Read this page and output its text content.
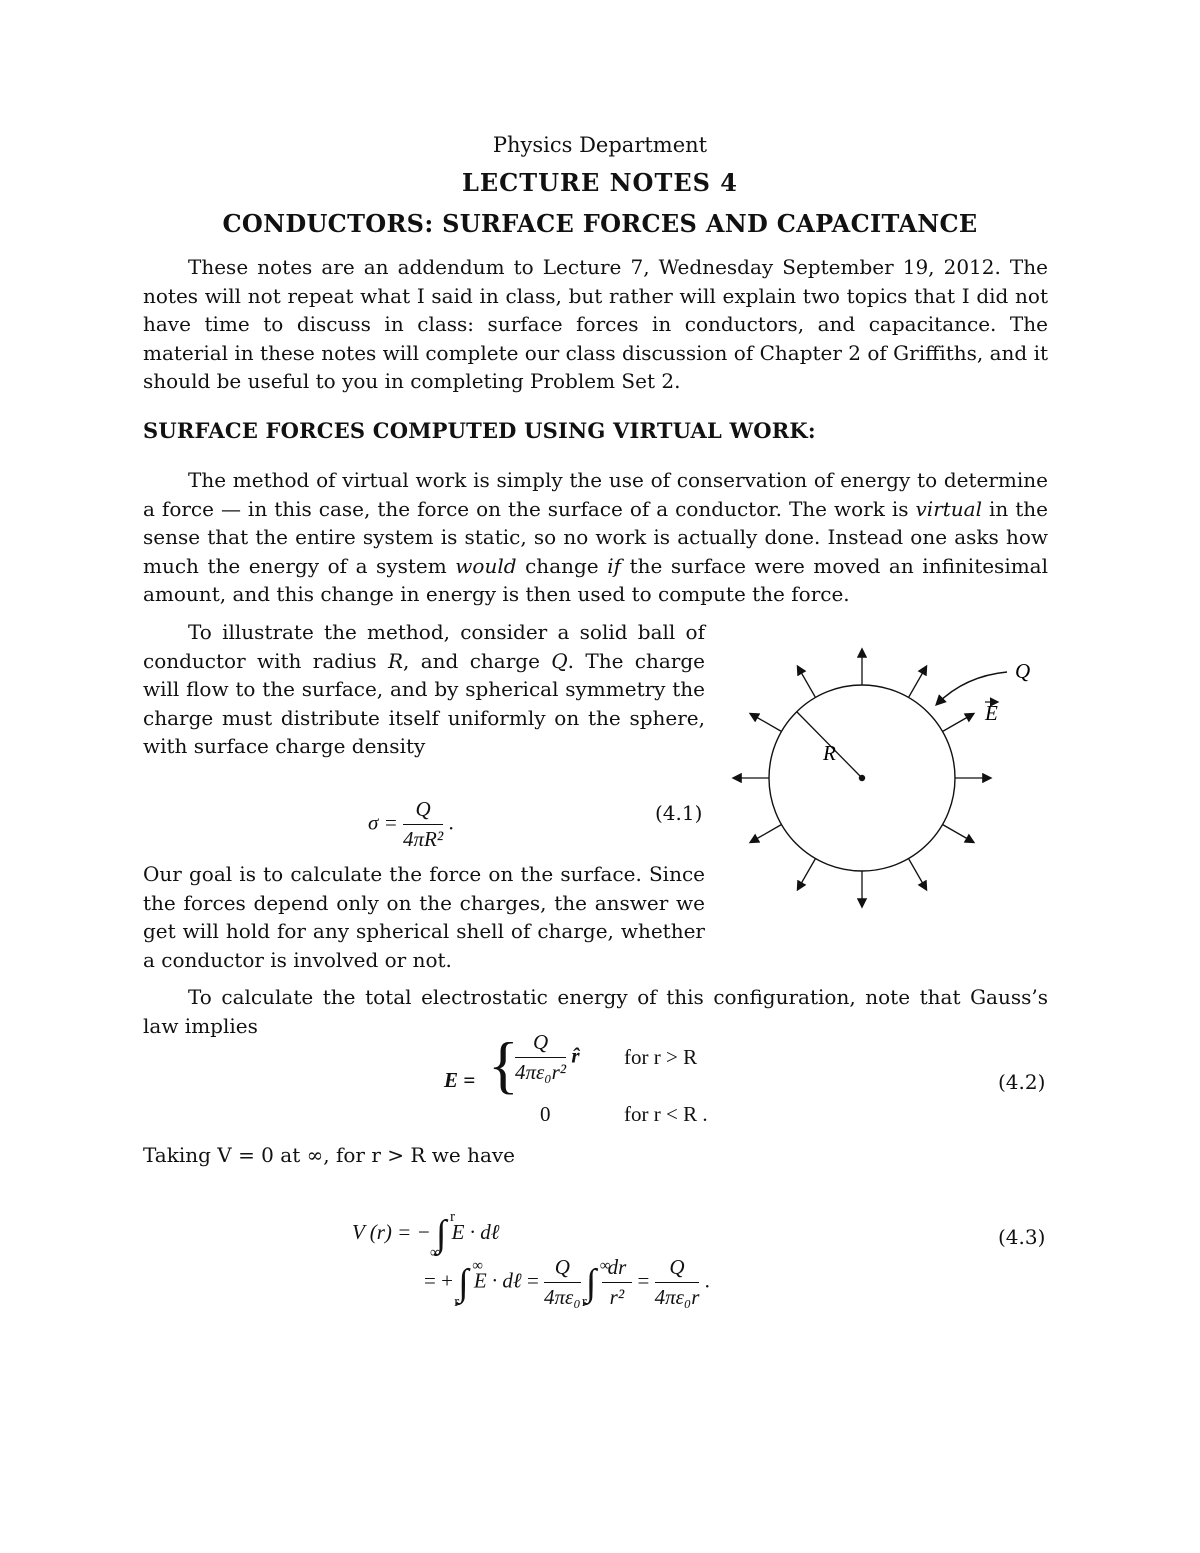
Physics Department
LECTURE NOTES 4
CONDUCTORS: SURFACE FORCES AND CAPACITANCE
These notes are an addendum to Lecture 7, Wednesday September 19, 2012. The notes will not repeat what I said in class, but rather will explain two topics that I did not have time to discuss in class: surface forces in conductors, and capacitance. The material in these notes will complete our class discussion of Chapter 2 of Griffiths, and it should be useful to you in completing Problem Set 2.
SURFACE FORCES COMPUTED USING VIRTUAL WORK:
The method of virtual work is simply the use of conservation of energy to determine a force — in this case, the force on the surface of a conductor. The work is virtual in the sense that the entire system is static, so no work is actually done. Instead one asks how much the energy of a system would change if the surface were moved an infinitesimal amount, and this change in energy is then used to compute the force.
To illustrate the method, consider a solid ball of conductor with radius R, and charge Q. The charge will flow to the surface, and by spherical symmetry the charge must distribute itself uniformly on the sphere, with surface charge density
$\sigma = \frac{Q}{\text{4πR²}}$ .	(4.1)
Q
E
R
Our goal is to calculate the force on the surface. Since the forces depend only on the charges, the answer we get will hold for any spherical shell of charge, whether a conductor is involved or not.
To calculate the total electrostatic energy of this configuration, note that Gauss’s law implies
E = {
$\frac{Q}{\text{4πε₀r²}}$ r̂ for r > R
0	for r < R .
(4.2)
Taking V = 0 at ∞, for r > R we have
V (r) = − ∫ r
∞
E · dℓ
= + ∫ ∞
r
E · dℓ = $\frac{Q}{\text{4πε₀}}$ ∫ ∞
r
$\frac{dr}{\text{r²}} = \frac{Q}{\text{4πε₀r}}$ .
(4.3)
